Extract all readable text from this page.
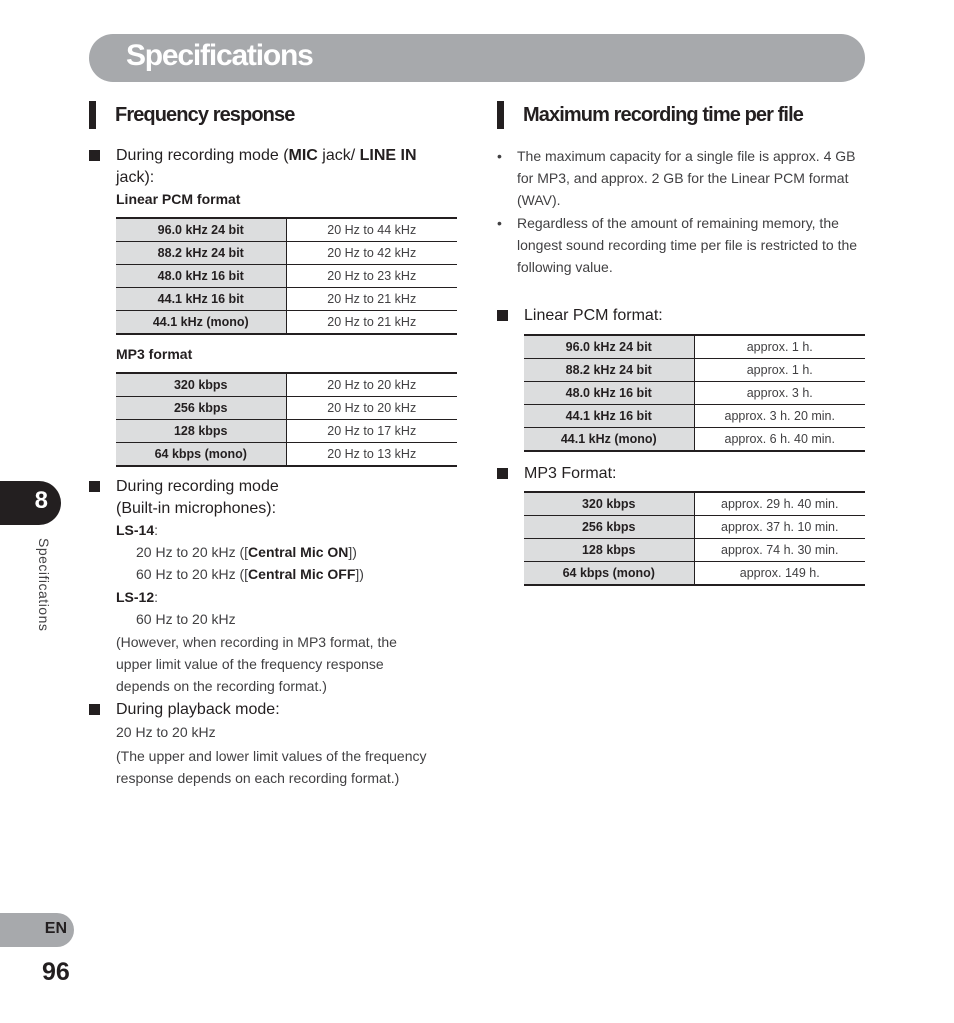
Specifications
Frequency response
During recording mode (MIC jack/ LINE IN
jack):
Linear PCM format
96.0 kHz 24 bit	20 Hz to 44 kHz
88.2 kHz 24 bit	20 Hz to 42 kHz
48.0 kHz 16 bit	20 Hz to 23 kHz
44.1 kHz 16 bit	20 Hz to 21 kHz
44.1 kHz (mono)	20 Hz to 21 kHz
MP3 format
320 kbps	20 Hz to 20 kHz
256 kbps	20 Hz to 20 kHz
128 kbps	20 Hz to 17 kHz
64 kbps (mono)	20 Hz to 13 kHz
During recording mode
(Built-in microphones):
LS-14:
20 Hz to 20 kHz ([Central Mic ON])
60 Hz to 20 kHz ([Central Mic OFF])
LS-12:
60 Hz to 20 kHz
(However, when recording in MP3 format, the
upper limit value of the frequency response
depends on the recording format.)
During playback mode:
20 Hz to 20 kHz
(The upper and lower limit values of the frequency
response depends on each recording format.)
Maximum recording time per file
• The maximum capacity for a single file is approx. 4 GB for MP3, and approx. 2 GB for the Linear PCM format (WAV).
• Regardless of the amount of remaining memory, the longest sound recording time per file is restricted to the following value.
Linear PCM format:
96.0 kHz 24 bit	approx. 1 h.
88.2 kHz 24 bit	approx. 1 h.
48.0 kHz 16 bit	approx. 3 h.
44.1 kHz 16 bit	approx. 3 h. 20 min.
44.1 kHz (mono)	approx. 6 h. 40 min.
MP3 Format:
320 kbps	approx. 29 h. 40 min.
256 kbps	approx. 37 h. 10 min.
128 kbps	approx. 74 h. 30 min.
64 kbps (mono)	approx. 149 h.
8
Specifications
EN
96
